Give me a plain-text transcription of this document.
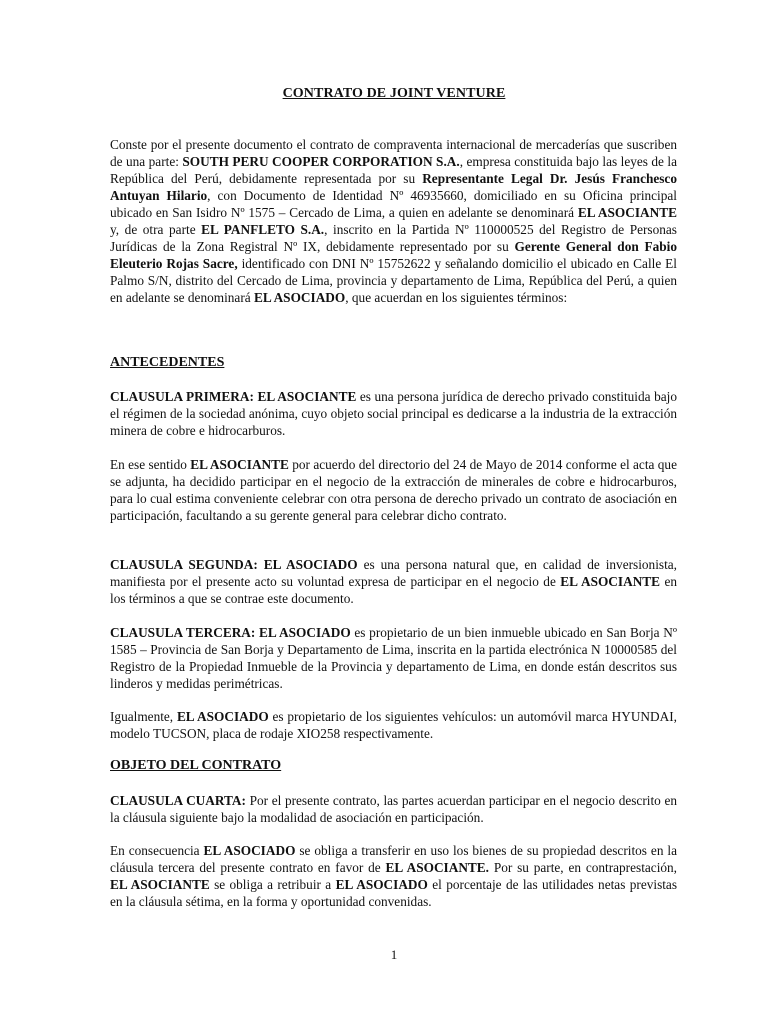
CONTRATO DE JOINT VENTURE
Conste por el presente documento el contrato de compraventa internacional de mercaderías que suscriben de una parte: SOUTH PERU COOPER CORPORATION S.A., empresa constituida bajo las leyes de la República del Perú, debidamente representada por su Representante Legal Dr. Jesús Franchesco Antuyan Hilario, con Documento de Identidad Nº 46935660, domiciliado en su Oficina principal ubicado en San Isidro Nº 1575 – Cercado de Lima, a quien en adelante se denominará EL ASOCIANTE y, de otra parte EL PANFLETO S.A., inscrito en la Partida Nº 110000525 del Registro de Personas Jurídicas de la Zona Registral Nº IX, debidamente representado por su Gerente General don Fabio Eleuterio Rojas Sacre, identificado con DNI Nº 15752622 y señalando domicilio el ubicado en Calle El Palmo S/N, distrito del Cercado de Lima, provincia y departamento de Lima, República del Perú, a quien en adelante se denominará EL ASOCIADO, que acuerdan en los siguientes términos:
ANTECEDENTES
CLAUSULA PRIMERA: EL ASOCIANTE es una persona jurídica de derecho privado constituida bajo el régimen de la sociedad anónima, cuyo objeto social principal es dedicarse a la industria de la extracción minera de cobre e hidrocarburos.
En ese sentido EL ASOCIANTE por acuerdo del directorio del 24 de Mayo de 2014 conforme el acta que se adjunta, ha decidido participar en el negocio de la extracción de minerales de cobre e hidrocarburos, para lo cual estima conveniente celebrar con otra persona de derecho privado un contrato de asociación en participación, facultando a su gerente general para celebrar dicho contrato.
CLAUSULA SEGUNDA: EL ASOCIADO es una persona natural que, en calidad de inversionista, manifiesta por el presente acto su voluntad expresa de participar en el negocio de EL ASOCIANTE en los términos a que se contrae este documento.
CLAUSULA TERCERA: EL ASOCIADO es propietario de un bien inmueble ubicado en San Borja Nº 1585 – Provincia de San Borja y Departamento de Lima, inscrita en la partida electrónica N 10000585 del Registro de la Propiedad Inmueble de la Provincia y departamento de Lima, en donde están descritos sus linderos y medidas perimétricas.
Igualmente, EL ASOCIADO es propietario de los siguientes vehículos: un automóvil marca HYUNDAI, modelo TUCSON, placa de rodaje XIO258 respectivamente.
OBJETO DEL CONTRATO
CLAUSULA CUARTA: Por el presente contrato, las partes acuerdan participar en el negocio descrito en la cláusula siguiente bajo la modalidad de asociación en participación.
En consecuencia EL ASOCIADO se obliga a transferir en uso los bienes de su propiedad descritos en la cláusula tercera del presente contrato en favor de EL ASOCIANTE. Por su parte, en contraprestación, EL ASOCIANTE se obliga a retribuir a EL ASOCIADO el porcentaje de las utilidades netas previstas en la cláusula sétima, en la forma y oportunidad convenidas.
1
